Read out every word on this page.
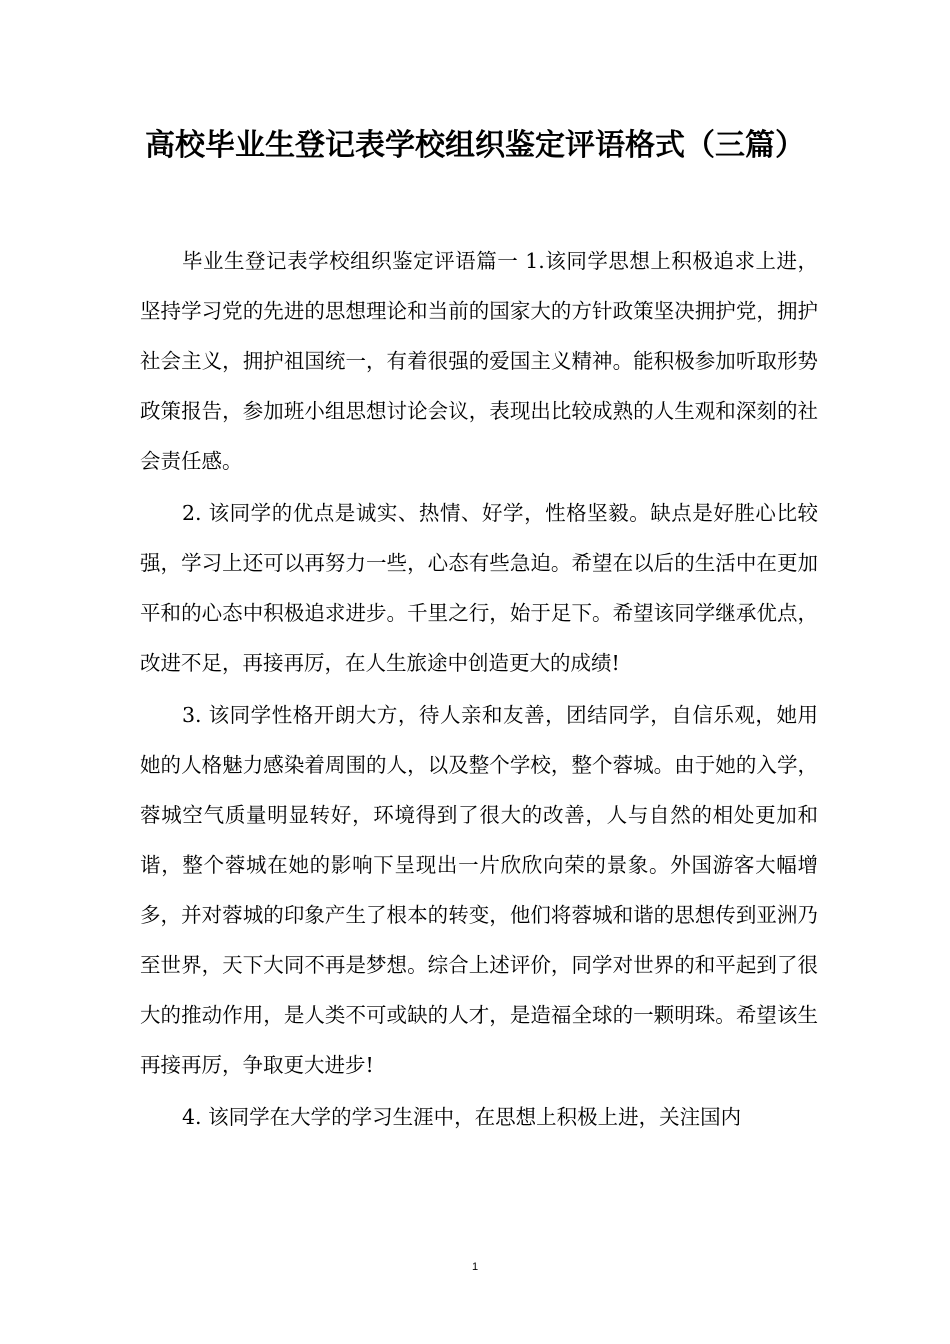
高校毕业生登记表学校组织鉴定评语格式（三篇）

毕业生登记表学校组织鉴定评语篇一 1.该同学思想上积极追求上进，坚持学习党的先进的思想理论和当前的国家大的方针政策坚决拥护党，拥护社会主义，拥护祖国统一，有着很强的爱国主义精神。能积极参加听取形势政策报告，参加班小组思想讨论会议，表现出比较成熟的人生观和深刻的社会责任感。

2. 该同学的优点是诚实、热情、好学，性格坚毅。缺点是好胜心比较强，学习上还可以再努力一些，心态有些急迫。希望在以后的生活中在更加平和的心态中积极追求进步。千里之行，始于足下。希望该同学继承优点，改进不足，再接再厉，在人生旅途中创造更大的成绩!

3. 该同学性格开朗大方，待人亲和友善，团结同学，自信乐观，她用她的人格魅力感染着周围的人，以及整个学校，整个蓉城。由于她的入学，蓉城空气质量明显转好，环境得到了很大的改善，人与自然的相处更加和谐，整个蓉城在她的影响下呈现出一片欣欣向荣的景象。外国游客大幅增多，并对蓉城的印象产生了根本的转变，他们将蓉城和谐的思想传到亚洲乃至世界，天下大同不再是梦想。综合上述评价，同学对世界的和平起到了很大的推动作用，是人类不可或缺的人才，是造福全球的一颗明珠。希望该生再接再厉，争取更大进步!

4. 该同学在大学的学习生涯中，在思想上积极上进，关注国内

1
